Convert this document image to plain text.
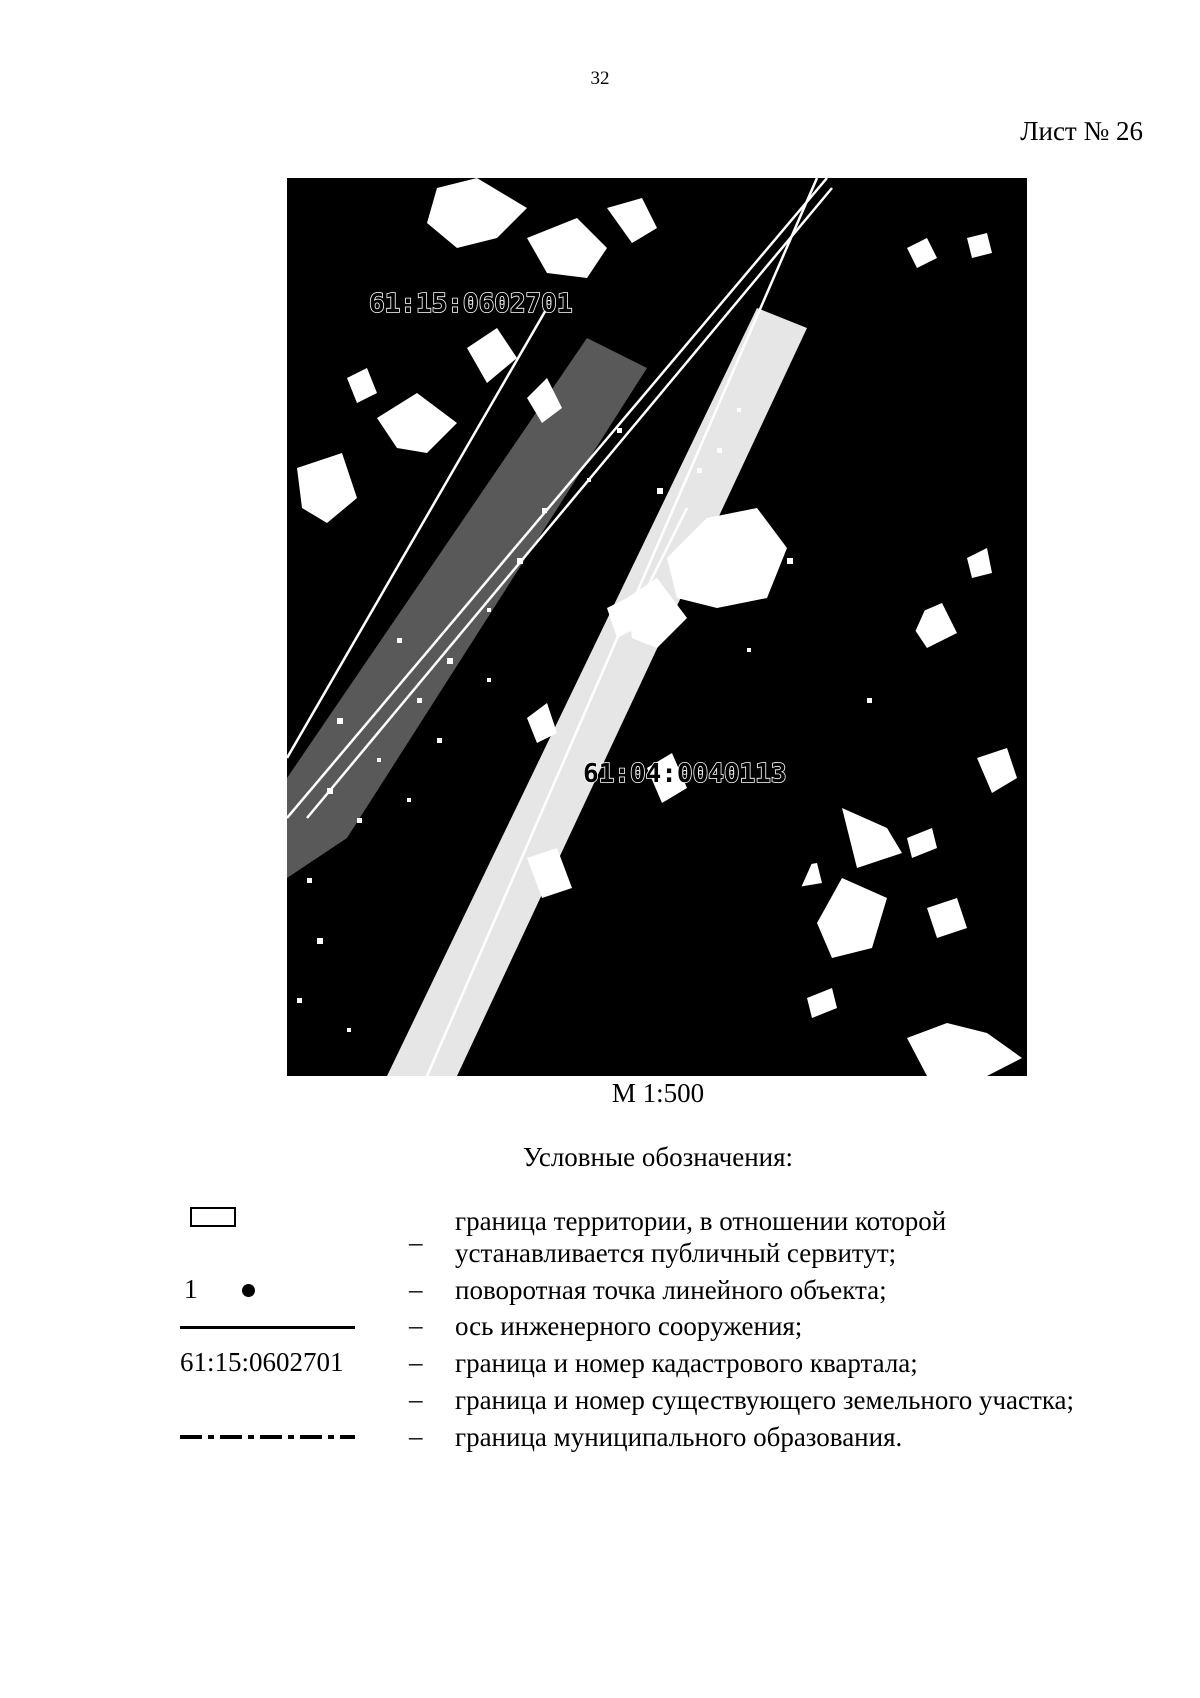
32
Лист № 26
61:15:0602701
61:04:0040113
М 1:500
Условные обозначения:
–
граница территории, в отношении которой
устанавливается публичный сервитут;
1	– поворотная точка линейного объекта;
– ось инженерного сооружения;
61:15:0602701 – граница и номер кадастрового квартала;
– граница и номер существующего земельного участка;
– граница муниципального образования.
